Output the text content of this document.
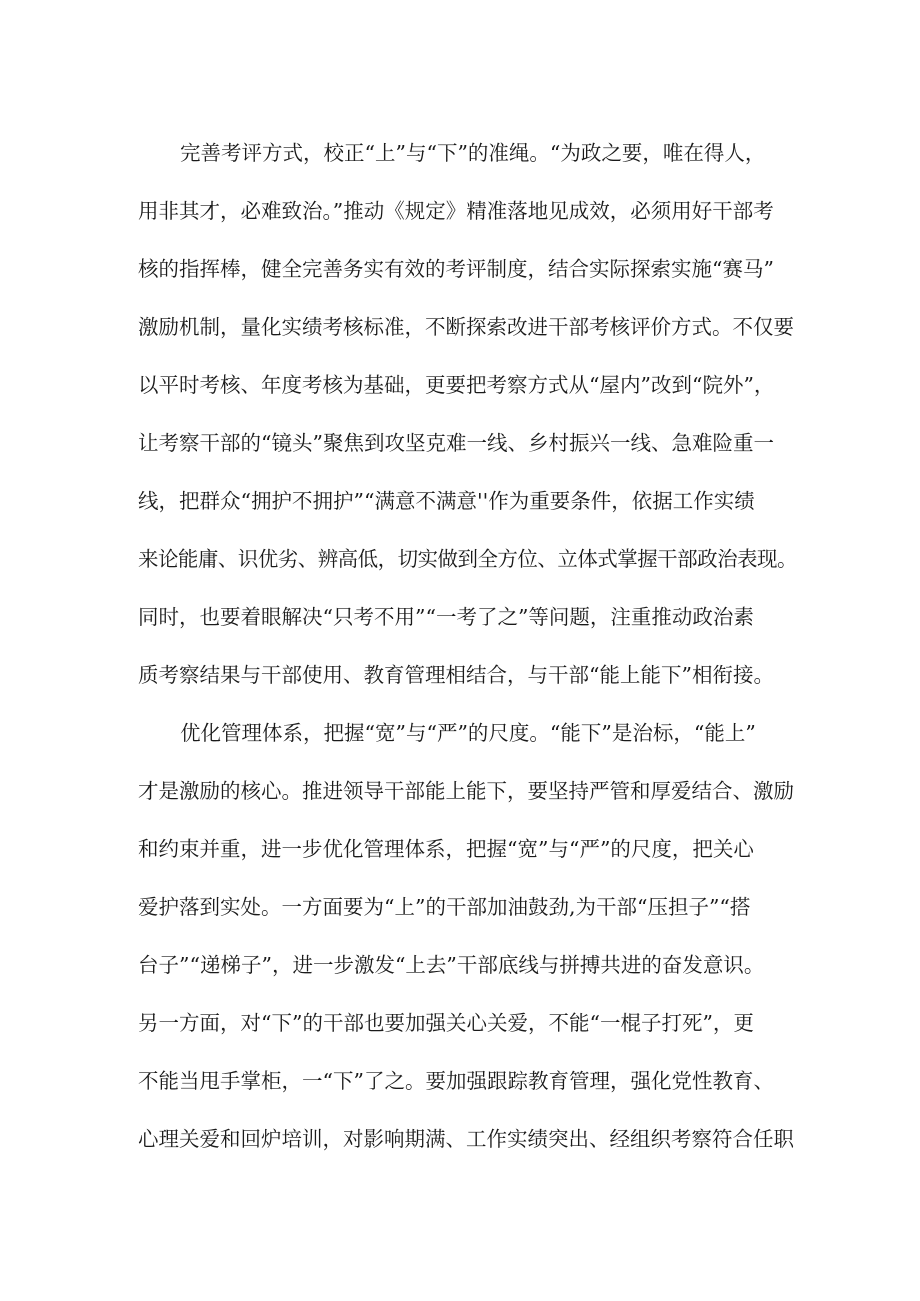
完善考评方式，校正“上”与“下”的准绳。“为政之要，唯在得人，
用非其才，必难致治。”推动《规定》精准落地见成效，必须用好干部考
核的指挥棒，健全完善务实有效的考评制度，结合实际探索实施“赛马”
激励机制，量化实绩考核标准，不断探索改进干部考核评价方式。不仅要
以平时考核、年度考核为基础，更要把考察方式从“屋内”改到“院外”，
让考察干部的“镜头”聚焦到攻坚克难一线、乡村振兴一线、急难险重一
线，把群众“拥护不拥护”“满意不满意''作为重要条件，依据工作实绩
来论能庸、识优劣、辨高低，切实做到全方位、立体式掌握干部政治表现。
同时，也要着眼解决“只考不用”“一考了之”等问题，注重推动政治素
质考察结果与干部使用、教育管理相结合，与干部“能上能下”相衔接。
优化管理体系，把握“宽”与“严”的尺度。“能下”是治标，“能上”
才是激励的核心。推进领导干部能上能下，要坚持严管和厚爱结合、激励
和约束并重，进一步优化管理体系，把握“宽”与“严”的尺度，把关心
爱护落到实处。一方面要为“上”的干部加油鼓劲,为干部“压担子”“搭
台子”“递梯子”，进一步激发“上去”干部底线与拼搏共进的奋发意识。
另一方面，对“下”的干部也要加强关心关爱，不能“一棍子打死”，更
不能当甩手掌柜，一“下”了之。要加强跟踪教育管理，强化党性教育、
心理关爱和回炉培训，对影响期满、工作实绩突出、经组织考察符合任职
